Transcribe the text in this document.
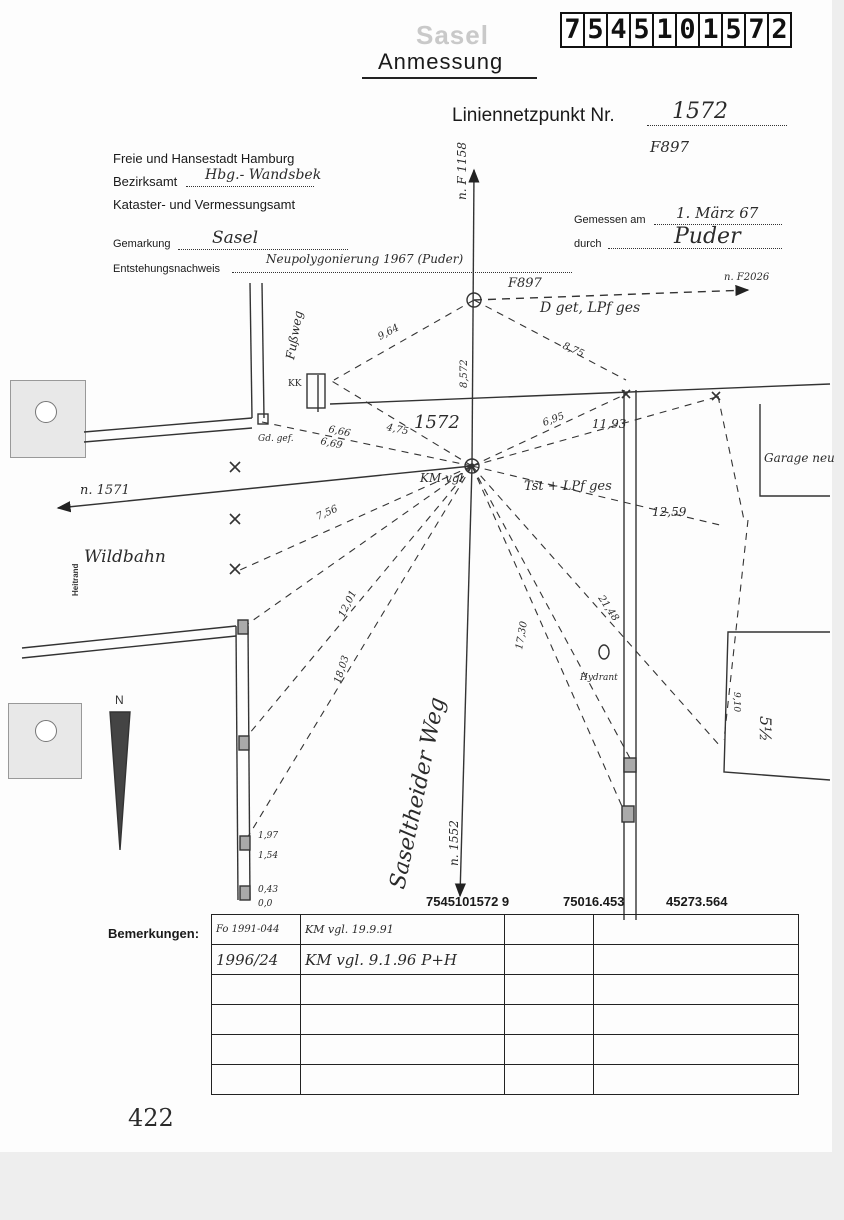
Sasel	7 5 4 5 1 0 1 5 7 2
Anmessung
Liniennetzpunkt Nr.	1572
F897
Freie und Hansestadt Hamburg
Bezirksamt Hbg.- Wandsbek
Kataster- und Vermessungsamt
Gemarkung Sasel
Entstehungsnachweis
Neupolygonierung 1967 (Puder)
Gemessen am 1. März 67
durch	Puder
n. F 1158
n. 1552
n. 1571
n. F2026
F897
D get, LPf ges
Tst + LPf ges
KM vgl
1572
Fußweg
KK
Gd. gef.
Wildbahn
Saseltheider Weg
Hydrant
Garage neu
5½
9,64
8,572
8,75
6,95 11,93
12,59
6,66
6,69
4,75
7,56
12,01
18,03
17,30
21,48
1,97
1,54
0,43
0,0
9,10
Heitrand
N
7545101572 9	75016.453	45273.564
Bemerkungen: Fo 1991-044	KM vgl. 19.9.91		
1996/24	KM vgl. 9.1.96 P+H		

422
